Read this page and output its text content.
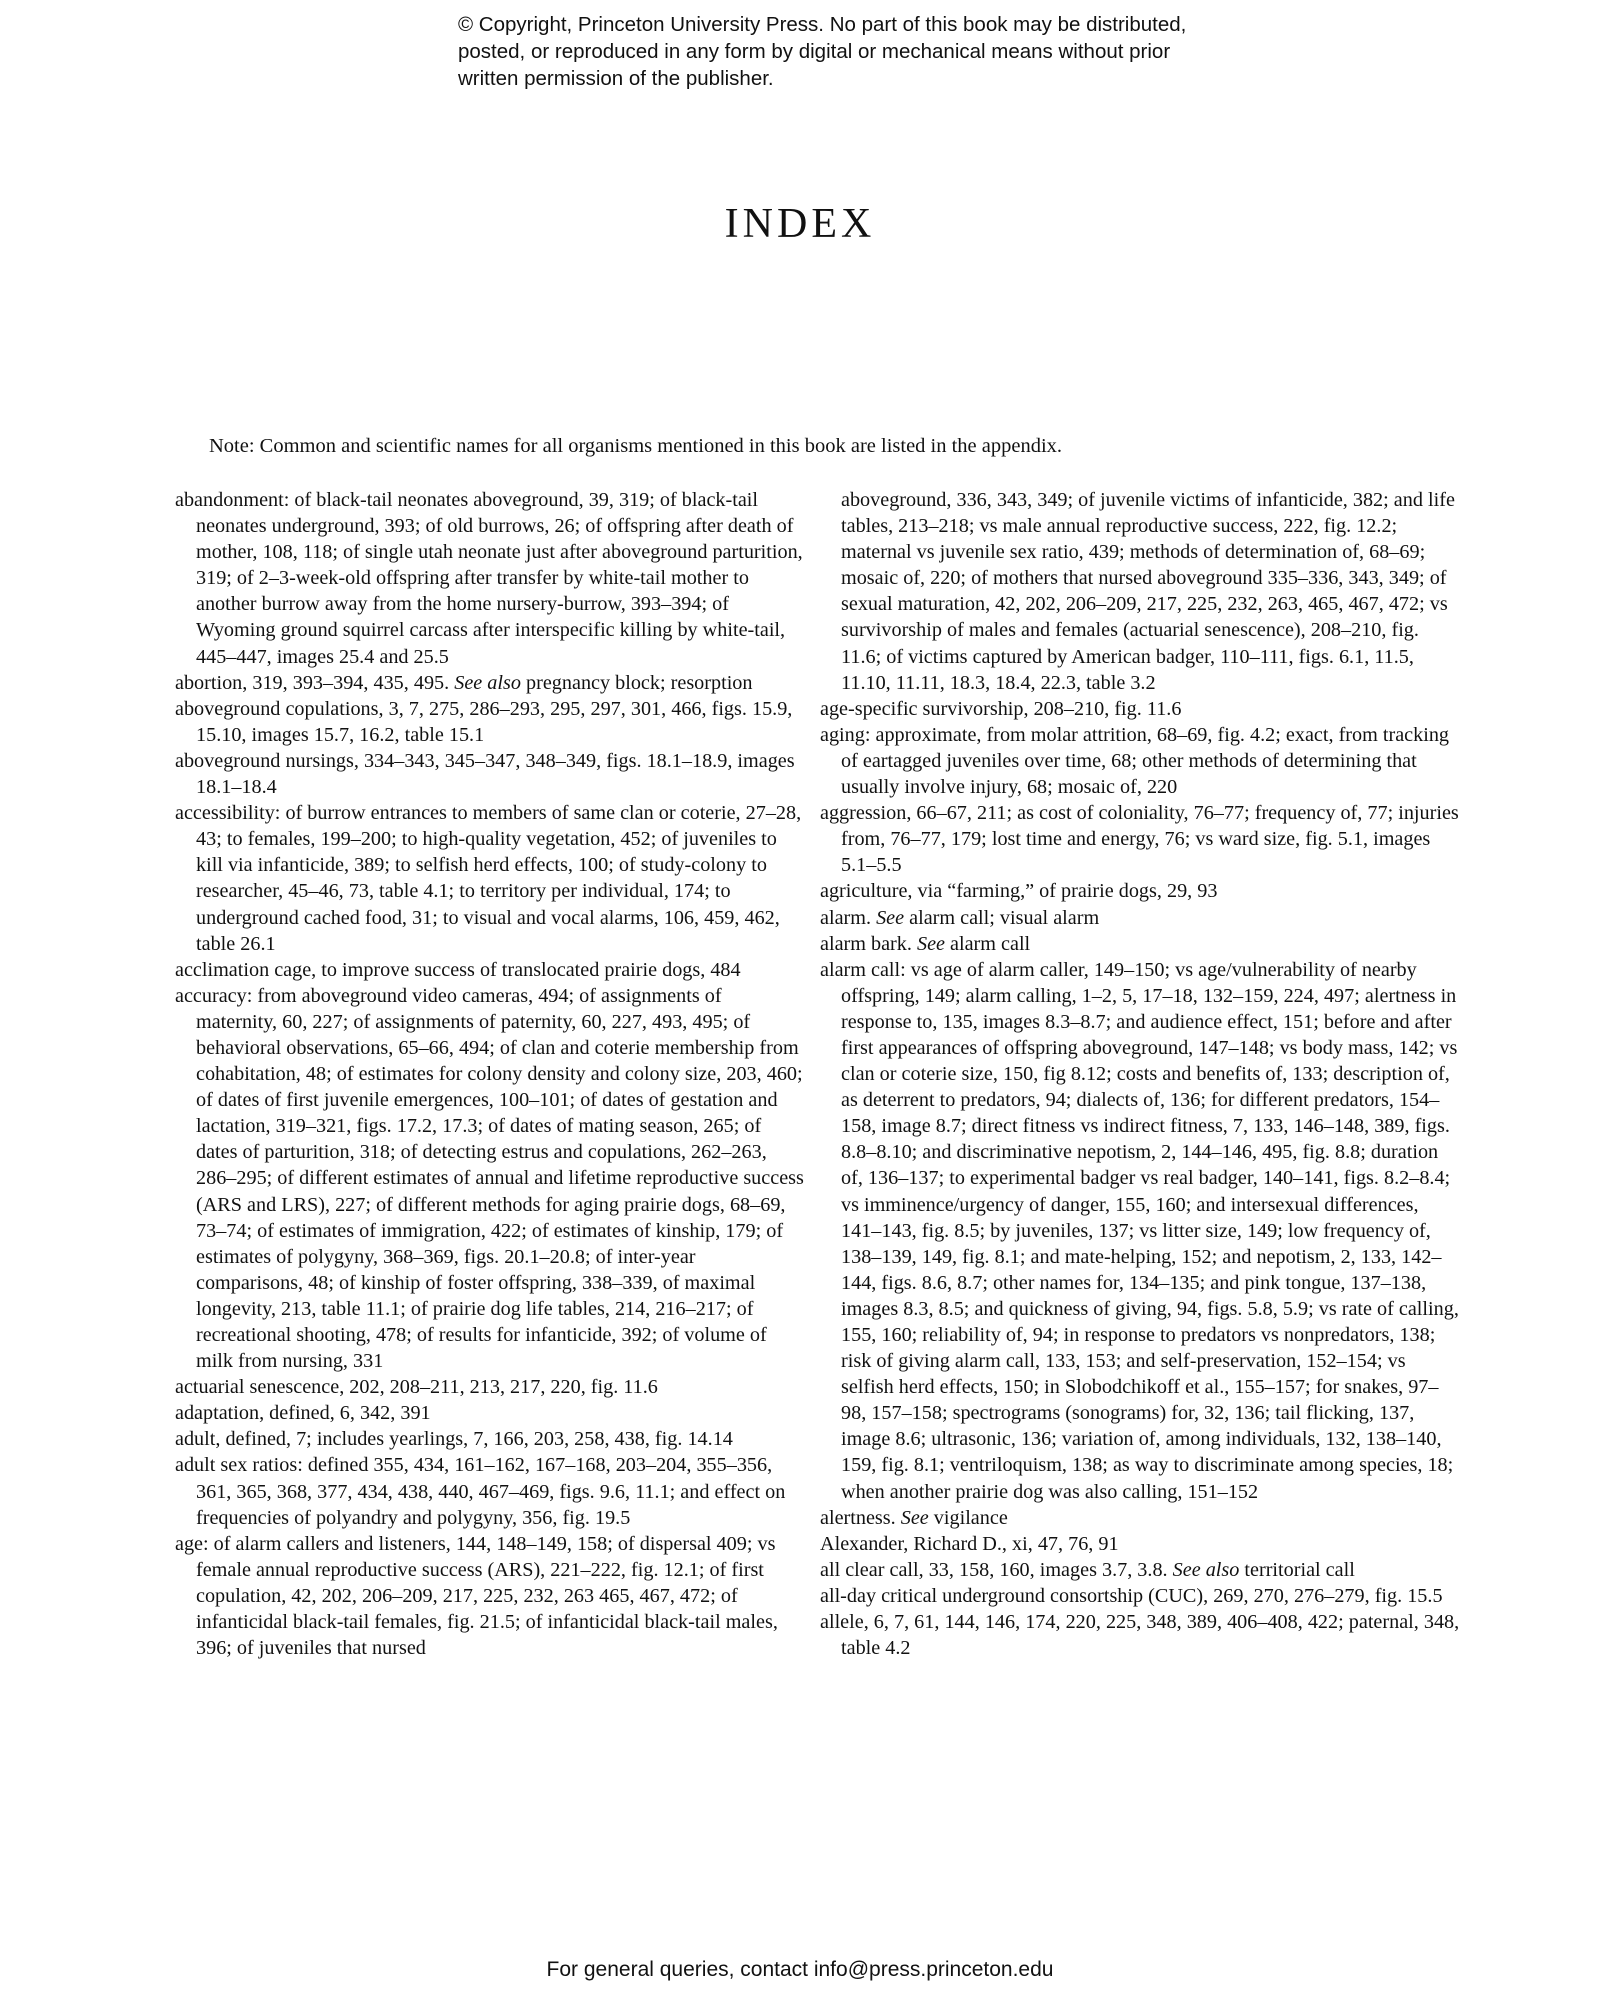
© Copyright, Princeton University Press. No part of this book may be distributed, posted, or reproduced in any form by digital or mechanical means without prior written permission of the publisher.
INDEX
Note: Common and scientific names for all organisms mentioned in this book are listed in the appendix.

abandonment: of black-tail neonates aboveground, 39, 319; of black-tail neonates underground, 393; of old burrows, 26; of offspring after death of mother, 108, 118; of single utah neonate just after aboveground parturition, 319; of 2–3-week-old offspring after transfer by white-tail mother to another burrow away from the home nursery-burrow, 393–394; of Wyoming ground squirrel carcass after interspecific killing by white-tail, 445–447, images 25.4 and 25.5

abortion, 319, 393–394, 435, 495. See also pregnancy block; resorption

aboveground copulations, 3, 7, 275, 286–293, 295, 297, 301, 466, figs. 15.9, 15.10, images 15.7, 16.2, table 15.1

aboveground nursings, 334–343, 345–347, 348–349, figs. 18.1–18.9, images 18.1–18.4

accessibility: of burrow entrances to members of same clan or coterie, 27–28, 43; to females, 199–200; to high-quality vegetation, 452; of juveniles to kill via infanticide, 389; to selfish herd effects, 100; of study-colony to researcher, 45–46, 73, table 4.1; to territory per individual, 174; to underground cached food, 31; to visual and vocal alarms, 106, 459, 462, table 26.1

acclimation cage, to improve success of translocated prairie dogs, 484

accuracy: from aboveground video cameras, 494; of assignments of maternity, 60, 227; of assignments of paternity, 60, 227, 493, 495; of behavioral observations, 65–66, 494; of clan and coterie membership from cohabitation, 48; of estimates for colony density and colony size, 203, 460; of dates of first juvenile emergences, 100–101; of dates of gestation and lactation, 319–321, figs. 17.2, 17.3; of dates of mating season, 265; of dates of parturition, 318; of detecting estrus and copulations, 262–263, 286–295; of different estimates of annual and lifetime reproductive success (ARS and LRS), 227; of different methods for aging prairie dogs, 68–69, 73–74; of estimates of immigration, 422; of estimates of kinship, 179; of estimates of polygyny, 368–369, figs. 20.1–20.8; of inter-year comparisons, 48; of kinship of foster offspring, 338–339, of maximal longevity, 213, table 11.1; of prairie dog life tables, 214, 216–217; of recreational shooting, 478; of results for infanticide, 392; of volume of milk from nursing, 331

actuarial senescence, 202, 208–211, 213, 217, 220, fig. 11.6

adaptation, defined, 6, 342, 391

adult, defined, 7; includes yearlings, 7, 166, 203, 258, 438, fig. 14.14

adult sex ratios: defined 355, 434, 161–162, 167–168, 203–204, 355–356, 361, 365, 368, 377, 434, 438, 440, 467–469, figs. 9.6, 11.1; and effect on frequencies of polyandry and polygyny, 356, fig. 19.5

age: of alarm callers and listeners, 144, 148–149, 158; of dispersal 409; vs female annual reproductive success (ARS), 221–222, fig. 12.1; of first copulation, 42, 202, 206–209, 217, 225, 232, 263 465, 467, 472; of infanticidal black-tail females, fig. 21.5; of infanticidal black-tail males, 396; of juveniles that nursed

aboveground, 336, 343, 349; of juvenile victims of infanticide, 382; and life tables, 213–218; vs male annual reproductive success, 222, fig. 12.2; maternal vs juvenile sex ratio, 439; methods of determination of, 68–69; mosaic of, 220; of mothers that nursed aboveground 335–336, 343, 349; of sexual maturation, 42, 202, 206–209, 217, 225, 232, 263, 465, 467, 472; vs survivorship of males and females (actuarial senescence), 208–210, fig. 11.6; of victims captured by American badger, 110–111, figs. 6.1, 11.5, 11.10, 11.11, 18.3, 18.4, 22.3, table 3.2

age-specific survivorship, 208–210, fig. 11.6

aging: approximate, from molar attrition, 68–69, fig. 4.2; exact, from tracking of eartagged juveniles over time, 68; other methods of determining that usually involve injury, 68; mosaic of, 220

aggression, 66–67, 211; as cost of coloniality, 76–77; frequency of, 77; injuries from, 76–77, 179; lost time and energy, 76; vs ward size, fig. 5.1, images 5.1–5.5

agriculture, via “farming,” of prairie dogs, 29, 93

alarm. See alarm call; visual alarm

alarm bark. See alarm call

alarm call: vs age of alarm caller, 149–150; vs age/vulnerability of nearby offspring, 149; alarm calling, 1–2, 5, 17–18, 132–159, 224, 497; alertness in response to, 135, images 8.3–8.7; and audience effect, 151; before and after first appearances of offspring aboveground, 147–148; vs body mass, 142; vs clan or coterie size, 150, fig 8.12; costs and benefits of, 133; description of, as deterrent to predators, 94; dialects of, 136; for different predators, 154–158, image 8.7; direct fitness vs indirect fitness, 7, 133, 146–148, 389, figs. 8.8–8.10; and discriminative nepotism, 2, 144–146, 495, fig. 8.8; duration of, 136–137; to experimental badger vs real badger, 140–141, figs. 8.2–8.4; vs imminence/urgency of danger, 155, 160; and intersexual differences, 141–143, fig. 8.5; by juveniles, 137; vs litter size, 149; low frequency of, 138–139, 149, fig. 8.1; and mate-helping, 152; and nepotism, 2, 133, 142–144, figs. 8.6, 8.7; other names for, 134–135; and pink tongue, 137–138, images 8.3, 8.5; and quickness of giving, 94, figs. 5.8, 5.9; vs rate of calling, 155, 160; reliability of, 94; in response to predators vs nonpredators, 138; risk of giving alarm call, 133, 153; and self-preservation, 152–154; vs selfish herd effects, 150; in Slobodchikoff et al., 155–157; for snakes, 97–98, 157–158; spectrograms (sonograms) for, 32, 136; tail flicking, 137, image 8.6; ultrasonic, 136; variation of, among individuals, 132, 138–140, 159, fig. 8.1; ventriloquism, 138; as way to discriminate among species, 18; when another prairie dog was also calling, 151–152

alertness. See vigilance

Alexander, Richard D., xi, 47, 76, 91

all clear call, 33, 158, 160, images 3.7, 3.8. See also territorial call

all-day critical underground consortship (CUC), 269, 270, 276–279, fig. 15.5

allele, 6, 7, 61, 144, 146, 174, 220, 225, 348, 389, 406–408, 422; paternal, 348, table 4.2

For general queries, contact info@press.princeton.edu
